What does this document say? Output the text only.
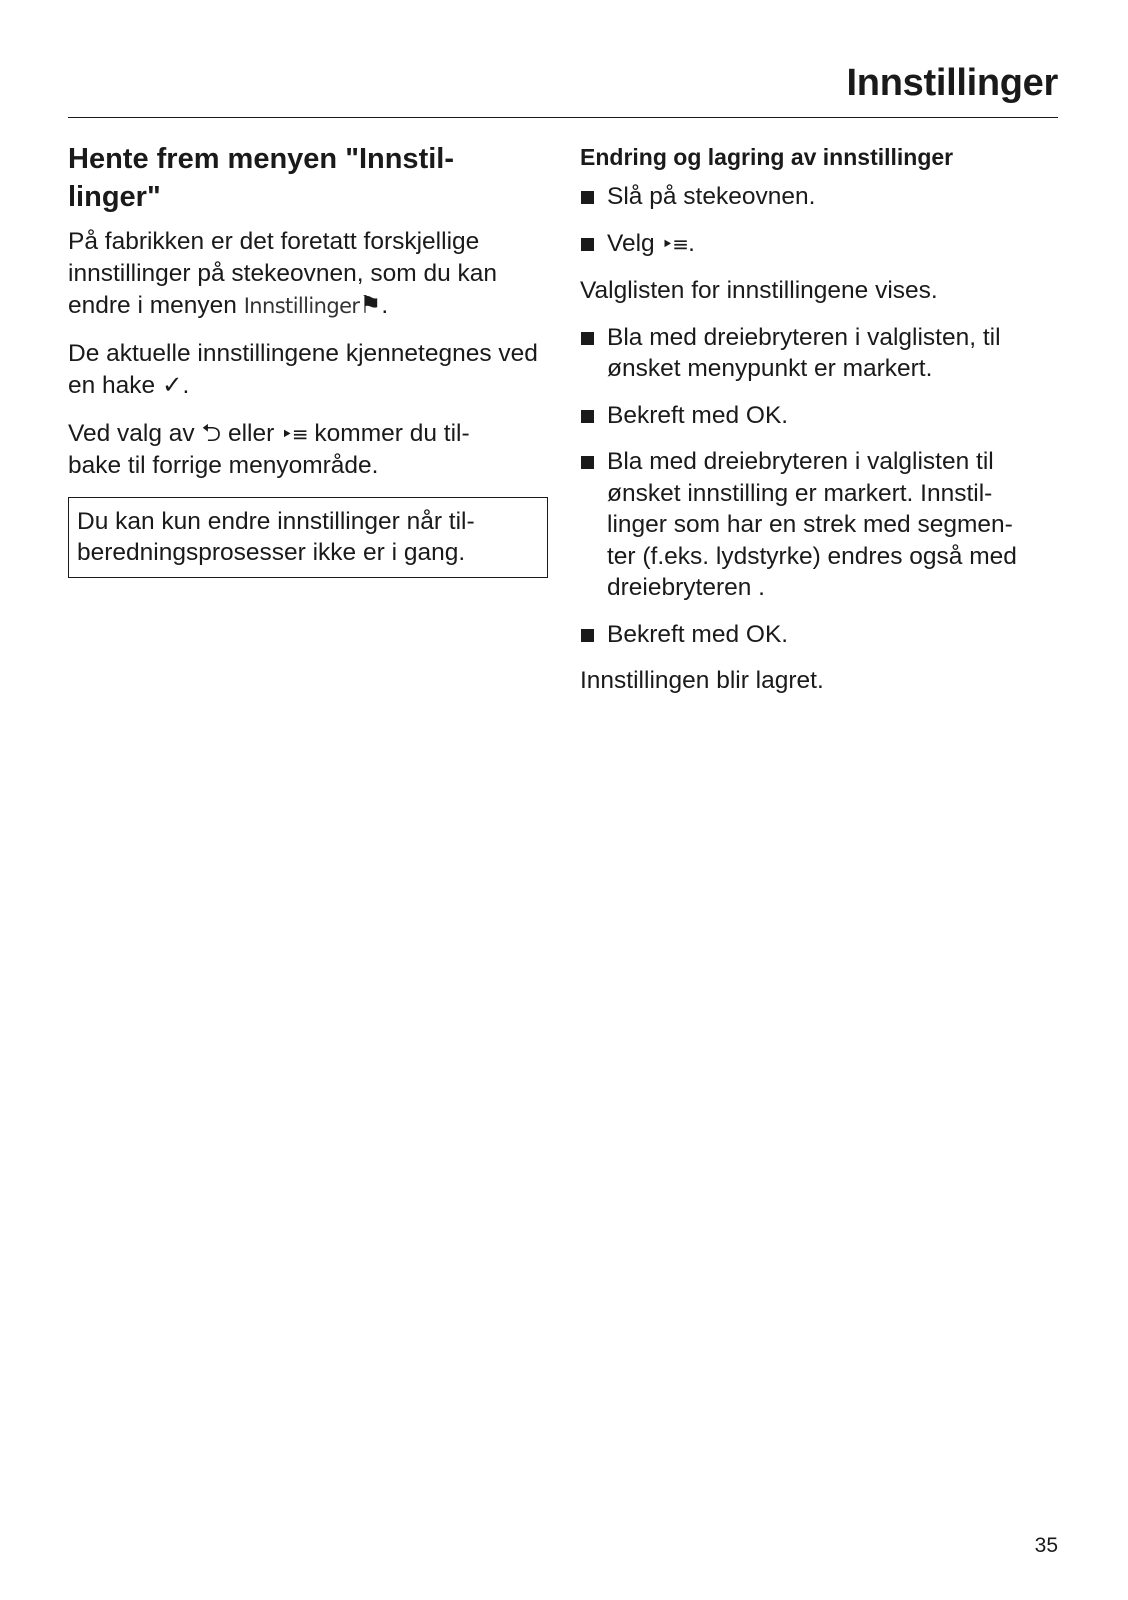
Innstillinger
Hente frem menyen "Innstil-
linger"

På fabrikken er det foretatt forskjellige innstillinger på stekeovnen, som du kan endre i menyen Innstillinger⚑.

De aktuelle innstillingene kjennetegnes ved en hake ✓.

Ved valg av ⮌ eller ‣≡ kommer du til-
bake til forrige menyområde.

Du kan kun endre innstillinger når til-
beredningsprosesser ikke er i gang.
Endring og lagring av innstillinger
Slå på stekeovnen.
Velg ‣≡.

Valglisten for innstillingene vises.

Bla med dreiebryteren i valglisten, til ønsket menypunkt er markert.
Bekreft med OK.
Bla med dreiebryteren i valglisten til ønsket innstilling er markert. Innstil-
linger som har en strek med segmen-
ter (f.eks. lydstyrke) endres også med dreiebryteren .
Bekreft med OK.

Innstillingen blir lagret.

35
